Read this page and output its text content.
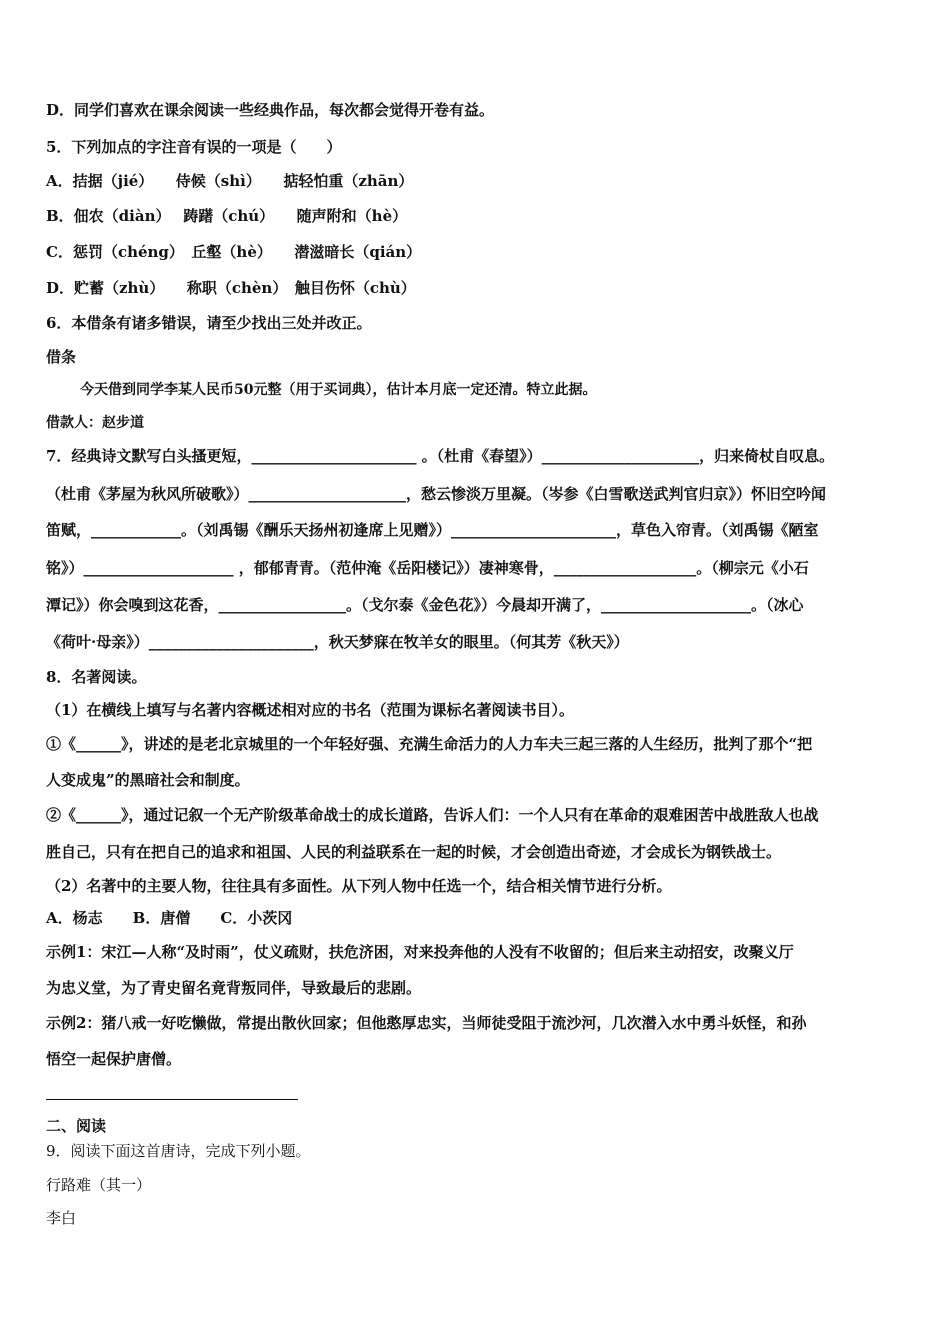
D．同学们喜欢在课余阅读一些经典作品，每次都会觉得开卷有益。
5．下列加点的字注音有误的一项是（　　）
A．拮据（jié）　　侍候（shì）　　掂轻怕重（zhān）
B．佃农（diàn）　 踌躇（chú）　　随声附和（hè）
C．惩罚（chéng）　丘壑（hè）　　潜滋暗长（qián）
D．贮蓄（zhù）　　称职（chèn）　触目伤怀（chù）
6．本借条有诸多错误，请至少找出三处并改正。
借条
今天借到同学李某人民币50元整（用于买词典），估计本月底一定还清。特立此据。
借款人：赵步道
7．经典诗文默写白头搔更短，______________________ 。（杜甫《春望》）_____________________，归来倚杖自叹息。
（杜甫《茅屋为秋风所破歌》）_____________________，愁云惨淡万里凝。（岑参《白雪歌送武判官归京》）怀旧空吟闻
笛赋，____________。（刘禹锡《酬乐天扬州初逢席上见赠》）______________________，草色入帘青。（刘禹锡《陋室
铭》）____________________ ，郁郁青青。（范仲淹《岳阳楼记》）凄神寒骨，___________________。（柳宗元《小石
潭记》）你会嗅到这花香，_________________。（戈尔泰《金色花》）今晨却开满了，____________________。（冰心
《荷叶·母亲》）______________________，秋天梦寐在牧羊女的眼里。（何其芳《秋天》）
8．名著阅读。
（1）在横线上填写与名著内容概述相对应的书名（范围为课标名著阅读书目）。
①《______》，讲述的是老北京城里的一个年轻好强、充满生命活力的人力车夫三起三落的人生经历，批判了那个“把
人变成鬼”的黑暗社会和制度。
②《______》，通过记叙一个无产阶级革命战士的成长道路，告诉人们：一个人只有在革命的艰难困苦中战胜敌人也战
胜自己，只有在把自己的追求和祖国、人民的利益联系在一起的时候，才会创造出奇迹，才会成长为钢铁战士。
（2）名著中的主要人物，往往具有多面性。从下列人物中任选一个，结合相关情节进行分析。
A．杨志　　B．唐僧　　C．小茨冈
示例1：宋江—人称“及时雨”，仗义疏财，扶危济困，对来投奔他的人没有不收留的；但后来主动招安，改聚义厅
为忠义堂，为了青史留名竟背叛同伴，导致最后的悲剧。
示例2：猪八戒一好吃懒做，常提出散伙回家；但他憨厚忠实，当师徒受阻于流沙河，几次潜入水中勇斗妖怪，和孙
悟空一起保护唐僧。
二、阅读
9．阅读下面这首唐诗，完成下列小题。
行路难（其一）
李白
